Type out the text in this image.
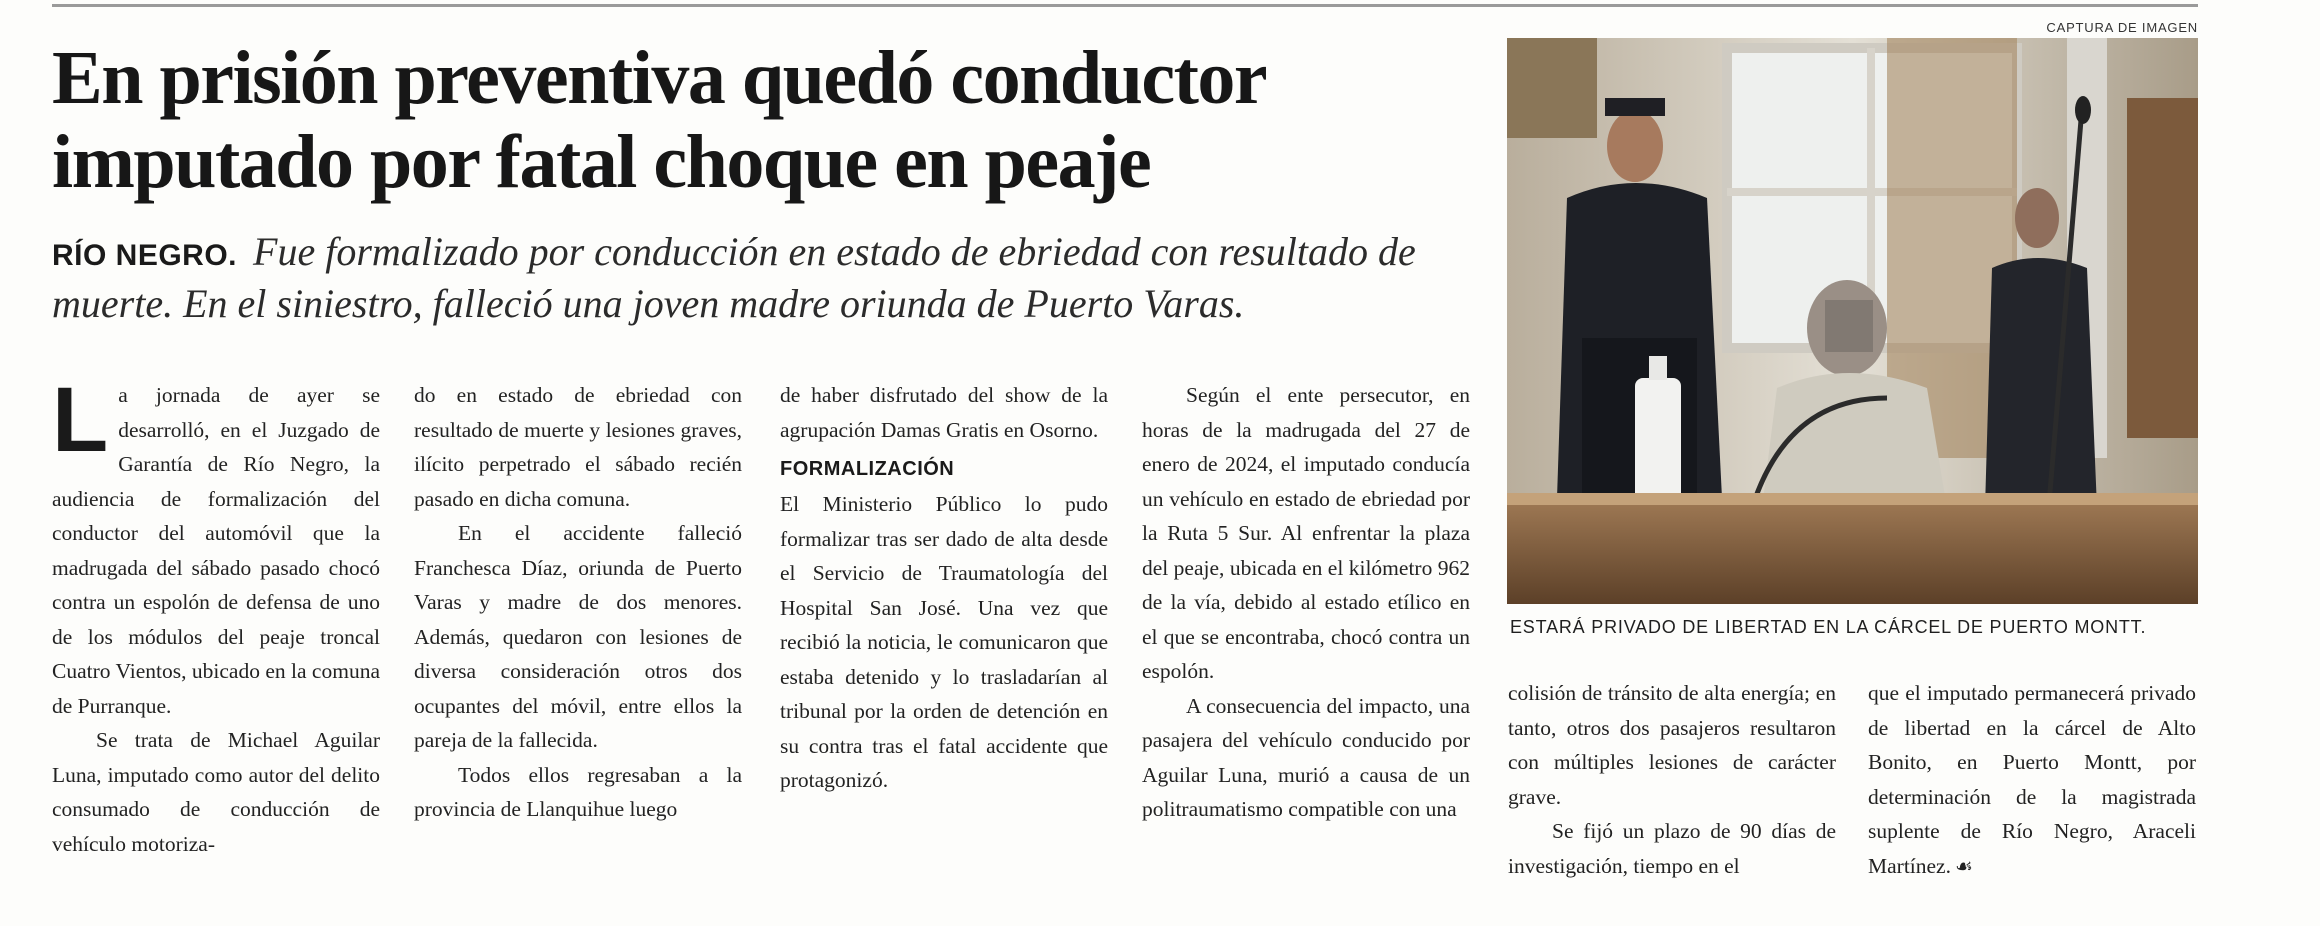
En prisión preventiva quedó conductor imputado por fatal choque en peaje

RÍO NEGRO. Fue formalizado por conducción en estado de ebriedad con resultado de muerte. En el siniestro, falleció una joven madre oriunda de Puerto Varas.

La jornada de ayer se desarrolló, en el Juzgado de Garantía de Río Negro, la audiencia de formalización del conductor del automóvil que la madrugada del sábado pasado chocó contra un espolón de defensa de uno de los módulos del peaje troncal Cuatro Vientos, ubicado en la comuna de Purranque.

Se trata de Michael Aguilar Luna, imputado como autor del delito consumado de conducción de vehículo motoriza-

do en estado de ebriedad con resultado de muerte y lesiones graves, ilícito perpetrado el sábado recién pasado en dicha comuna.

En el accidente falleció Franchesca Díaz, oriunda de Puerto Varas y madre de dos menores. Además, quedaron con lesiones de diversa consideración otros dos ocupantes del móvil, entre ellos la pareja de la fallecida.

Todos ellos regresaban a la provincia de Llanquihue luego

de haber disfrutado del show de la agrupación Damas Gratis en Osorno.

FORMALIZACIÓN

El Ministerio Público lo pudo formalizar tras ser dado de alta desde el Servicio de Traumatología del Hospital San José. Una vez que recibió la noticia, le comunicaron que estaba detenido y lo trasladarían al tribunal por la orden de detención en su contra tras el fatal accidente que protagonizó.

Según el ente persecutor, en horas de la madrugada del 27 de enero de 2024, el imputado conducía un vehículo en estado de ebriedad por la Ruta 5 Sur. Al enfrentar la plaza del peaje, ubicada en el kilómetro 962 de la vía, debido al estado etílico en el que se encontraba, chocó contra un espolón.

A consecuencia del impacto, una pasajera del vehículo conducido por Aguilar Luna, murió a causa de un politraumatismo compatible con una

colisión de tránsito de alta energía; en tanto, otros dos pasajeros resultaron con múltiples lesiones de carácter grave.

Se fijó un plazo de 90 días de investigación, tiempo en el

que el imputado permanecerá privado de libertad en la cárcel de Alto Bonito, en Puerto Montt, por determinación de la magistrada suplente de Río Negro, Araceli Martínez. ☙

CAPTURA DE IMAGEN

ESTARÁ PRIVADO DE LIBERTAD EN LA CÁRCEL DE PUERTO MONTT.
